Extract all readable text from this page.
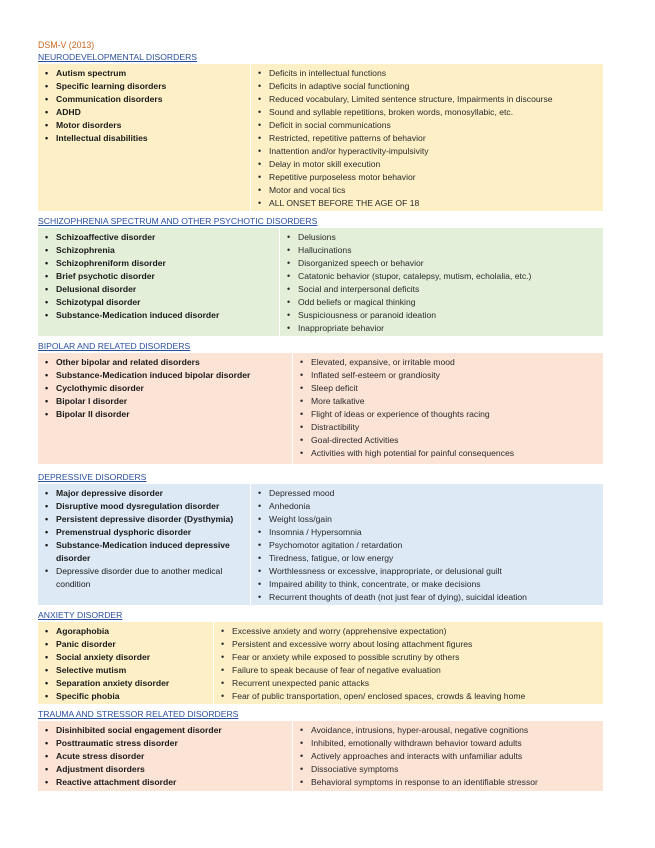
DSM-V (2013)
NEURODEVELOPMENTAL DISORDERS
• Autism spectrum
• Specific learning disorders
• Communication disorders
• ADHD
• Motor disorders
• Intellectual disabilities
• Deficits in intellectual functions
• Deficits in adaptive social functioning
• Reduced vocabulary, Limited sentence structure, Impairments in discourse
• Sound and syllable repetitions, broken words, monosyllabic, etc.
• Deficit in social communications
• Restricted, repetitive patterns of behavior
• Inattention and/or hyperactivity-impulsivity
• Delay in motor skill execution
• Repetitive purposeless motor behavior
• Motor and vocal tics
• ALL ONSET BEFORE THE AGE OF 18
SCHIZOPHRENIA SPECTRUM AND OTHER PSYCHOTIC DISORDERS
• Schizoaffective disorder
• Schizophrenia
• Schizophreniform disorder
• Brief psychotic disorder
• Delusional disorder
• Schizotypal disorder
• Substance-Medication induced disorder
• Delusions
• Hallucinations
• Disorganized speech or behavior
• Catatonic behavior (stupor, catalepsy, mutism, echolalia, etc.)
• Social and interpersonal deficits
• Odd beliefs or magical thinking
• Suspiciousness or paranoid ideation
• Inappropriate behavior
BIPOLAR AND RELATED DISORDERS
• Other bipolar and related disorders
• Substance-Medication induced bipolar disorder
• Cyclothymic disorder
• Bipolar I disorder
• Bipolar II disorder
• Elevated, expansive, or irritable mood
• Inflated self-esteem or grandiosity
• Sleep deficit
• More talkative
• Flight of ideas or experience of thoughts racing
• Distractibility
• Goal-directed Activities
• Activities with high potential for painful consequences
DEPRESSIVE DISORDERS
• Major depressive disorder
• Disruptive mood dysregulation disorder
• Persistent depressive disorder (Dysthymia)
• Premenstrual dysphoric disorder
• Substance-Medication induced depressive disorder
• Depressive disorder due to another medical condition
• Depressed mood
• Anhedonia
• Weight loss/gain
• Insomnia / Hypersomnia
• Psychomotor agitation / retardation
• Tiredness, fatigue, or low energy
• Worthlessness or excessive, inappropriate, or delusional guilt
• Impaired ability to think, concentrate, or make decisions
• Recurrent thoughts of death (not just fear of dying), suicidal ideation
ANXIETY DISORDER
• Agoraphobia
• Panic disorder
• Social anxiety disorder
• Selective mutism
• Separation anxiety disorder
• Specific phobia
• Excessive anxiety and worry (apprehensive expectation)
• Persistent and excessive worry about losing attachment figures
• Fear or anxiety while exposed to possible scrutiny by others
• Failure to speak because of fear of negative evaluation
• Recurrent unexpected panic attacks
• Fear of public transportation, open/ enclosed spaces, crowds & leaving home
TRAUMA AND STRESSOR RELATED DISORDERS
• Disinhibited social engagement disorder
• Posttraumatic stress disorder
• Acute stress disorder
• Adjustment disorders
• Reactive attachment disorder
• Avoidance, intrusions, hyper-arousal, negative cognitions
• Inhibited, emotionally withdrawn behavior toward adults
• Actively approaches and interacts with unfamiliar adults
• Dissociative symptoms
• Behavioral symptoms in response to an identifiable stressor
